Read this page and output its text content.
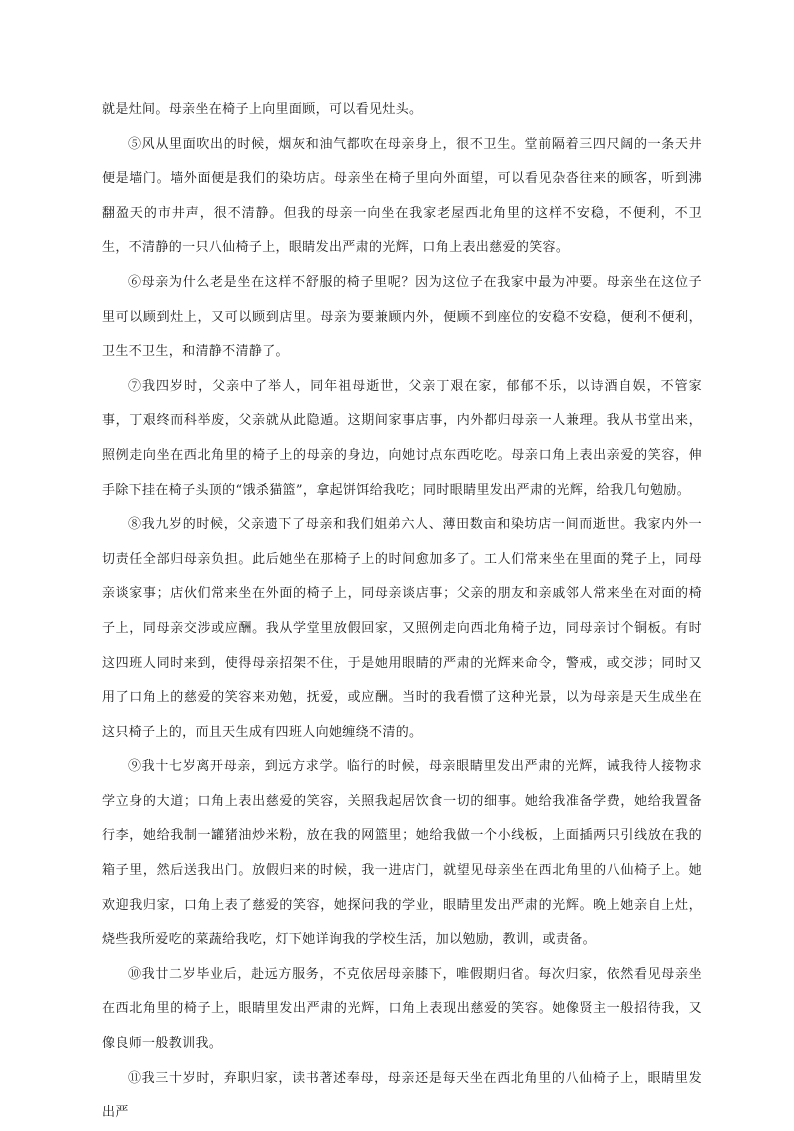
就是灶间。母亲坐在椅子上向里面顾，可以看见灶头。

⑤风从里面吹出的时候，烟灰和油气都吹在母亲身上，很不卫生。堂前隔着三四尺阔的一条天井便是墙门。墙外面便是我们的染坊店。母亲坐在椅子里向外面望，可以看见杂沓往来的顾客，听到沸翻盈天的市井声，很不清静。但我的母亲一向坐在我家老屋西北角里的这样不安稳，不便利，不卫生，不清静的一只八仙椅子上，眼睛发出严肃的光辉，口角上表出慈爱的笑容。

⑥母亲为什么老是坐在这样不舒服的椅子里呢？因为这位子在我家中最为冲要。母亲坐在这位子里可以顾到灶上，又可以顾到店里。母亲为要兼顾内外，便顾不到座位的安稳不安稳，便利不便利，卫生不卫生，和清静不清静了。

⑦我四岁时，父亲中了举人，同年祖母逝世，父亲丁艰在家，郁郁不乐，以诗酒自娱，不管家事，丁艰终而科举废，父亲就从此隐遁。这期间家事店事，内外都归母亲一人兼理。我从书堂出来，照例走向坐在西北角里的椅子上的母亲的身边，向她讨点东西吃吃。母亲口角上表出亲爱的笑容，伸手除下挂在椅子头顶的“饿杀猫篮”，拿起饼饵给我吃；同时眼睛里发出严肃的光辉，给我几句勉励。

⑧我九岁的时候，父亲遗下了母亲和我们姐弟六人、薄田数亩和染坊店一间而逝世。我家内外一切责任全部归母亲负担。此后她坐在那椅子上的时间愈加多了。工人们常来坐在里面的凳子上，同母亲谈家事；店伙们常来坐在外面的椅子上，同母亲谈店事；父亲的朋友和亲戚邻人常来坐在对面的椅子上，同母亲交涉或应酬。我从学堂里放假回家，又照例走向西北角椅子边，同母亲讨个铜板。有时这四班人同时来到，使得母亲招架不住，于是她用眼睛的严肃的光辉来命令，警戒，或交涉；同时又用了口角上的慈爱的笑容来劝勉，抚爱，或应酬。当时的我看惯了这种光景，以为母亲是天生成坐在这只椅子上的，而且天生成有四班人向她缠绕不清的。

⑨我十七岁离开母亲，到远方求学。临行的时候，母亲眼睛里发出严肃的光辉，诫我待人接物求学立身的大道；口角上表出慈爱的笑容，关照我起居饮食一切的细事。她给我准备学费，她给我置备行李，她给我制一罐猪油炒米粉，放在我的网篮里；她给我做一个小线板，上面插两只引线放在我的箱子里，然后送我出门。放假归来的时候，我一进店门，就望见母亲坐在西北角里的八仙椅子上。她欢迎我归家，口角上表了慈爱的笑容，她探问我的学业，眼睛里发出严肃的光辉。晚上她亲自上灶，烧些我所爱吃的菜蔬给我吃，灯下她详询我的学校生活，加以勉励，教训，或责备。

⑩我廿二岁毕业后，赴远方服务，不克依居母亲膝下，唯假期归省。每次归家，依然看见母亲坐在西北角里的椅子上，眼睛里发出严肃的光辉，口角上表现出慈爱的笑容。她像贤主一般招待我，又像良师一般教训我。

⑪我三十岁时，弃职归家，读书著述奉母，母亲还是每天坐在西北角里的八仙椅子上，眼睛里发出严
